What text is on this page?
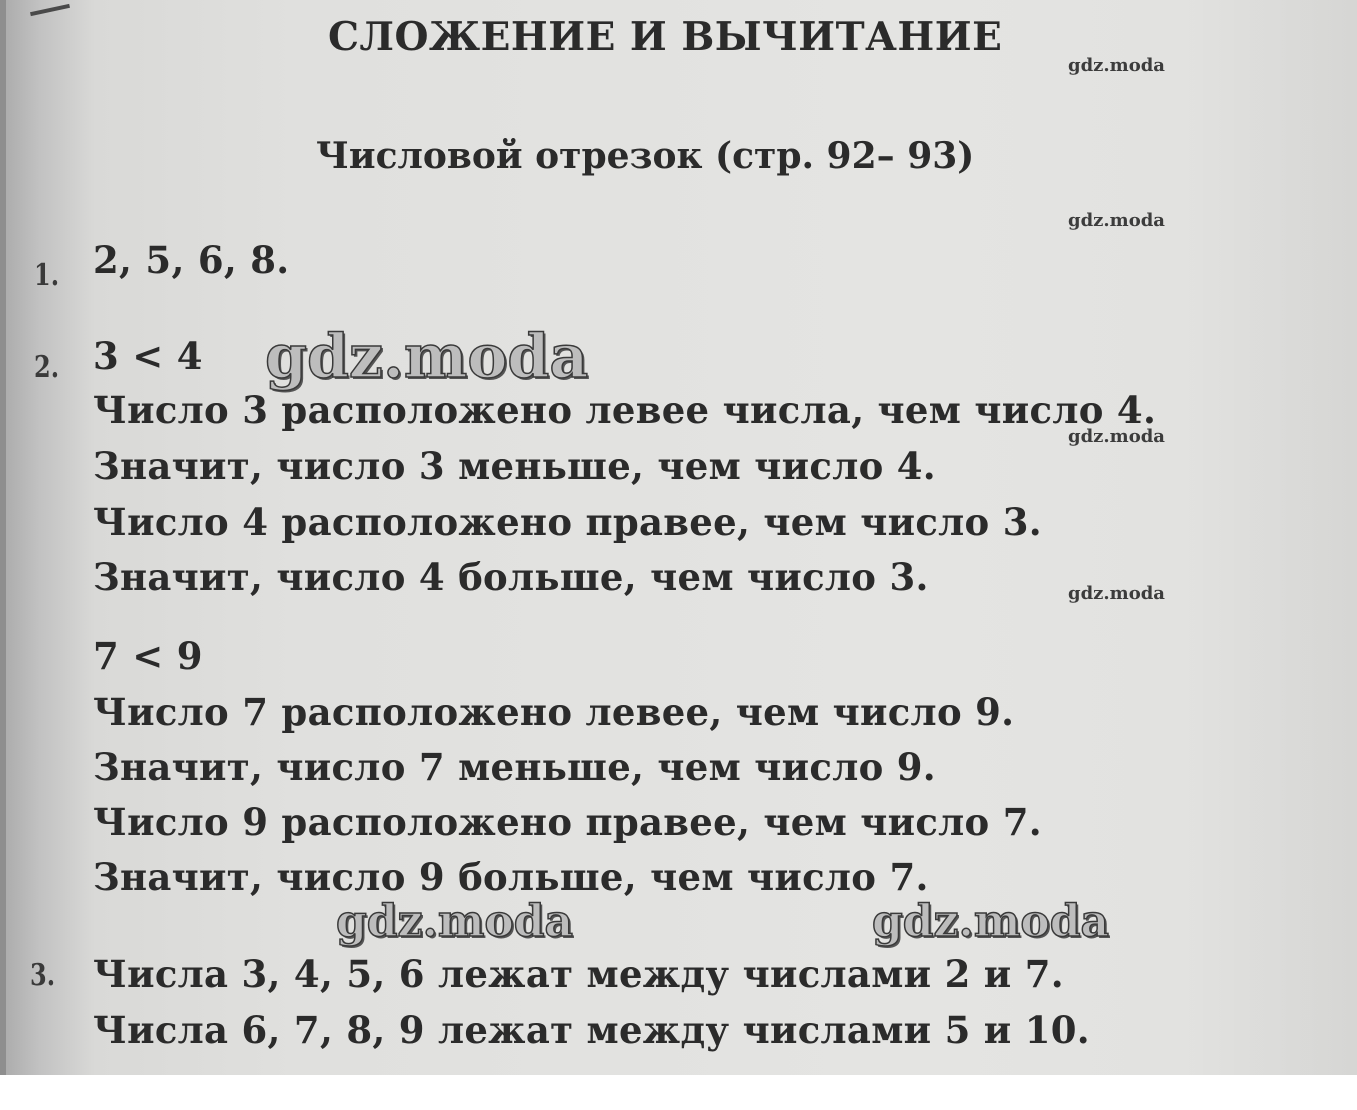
СЛОЖЕНИЕ И ВЫЧИТАНИЕ
Числовой отрезок (стр. 92– 93)
1. 2, 5, 6, 8.
2. 3 < 4
Число 3 расположено левее числа, чем число 4.
Значит, число 3 меньше, чем число 4.
Число 4 расположено правее, чем число 3.
Значит, число 4 больше, чем число 3.
7 < 9
Число 7 расположено левее, чем число 9.
Значит, число 7 меньше, чем число 9.
Число 9 расположено правее, чем число 7.
Значит, число 9 больше, чем число 7.
3. Числа 3, 4, 5, 6 лежат между числами 2 и 7.
Числа 6, 7, 8, 9 лежат между числами 5 и 10.
gdz.moda
gdz.moda
gdz.moda
gdz.moda
gdz.moda
gdz.moda	gdz.moda
